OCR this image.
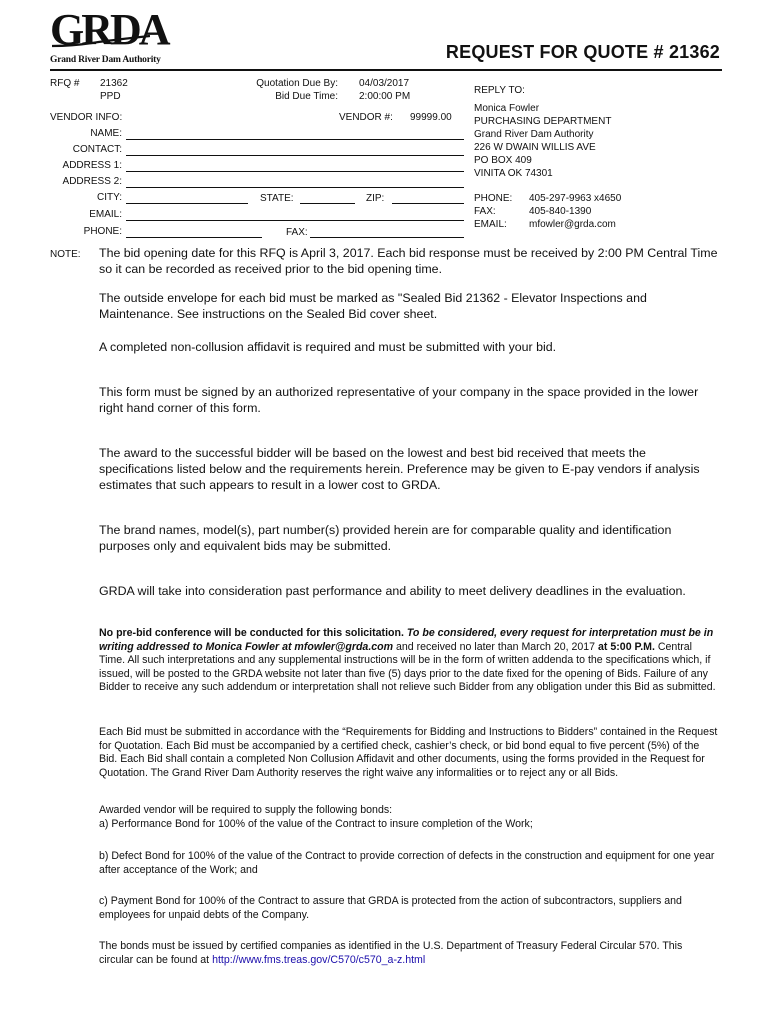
GRDA
Grand River Dam Authority	REQUEST FOR QUOTE # 21362
RFQ # 21362
PPD
Quotation Due By: 04/03/2017
Bid Due Time: 2:00:00 PM
VENDOR INFO:	VENDOR #: 99999.00
NAME:
CONTACT:
ADDRESS 1:
ADDRESS 2:
CITY:	STATE:	ZIP:
EMAIL:
PHONE:	FAX:
REPLY TO:
Monica Fowler
PURCHASING DEPARTMENT
Grand River Dam Authority
226 W DWAIN WILLIS AVE
PO BOX 409
VINITA OK 74301
PHONE: 405-297-9963 x4650
FAX:	405-840-1390
EMAIL: mfowler@grda.com
NOTE: The bid opening date for this RFQ is April 3, 2017. Each bid response must be received by 2:00 PM Central Time so it can be recorded as received prior to the bid opening time.
The outside envelope for each bid must be marked as "Sealed Bid 21362 - Elevator Inspections and Maintenance. See instructions on the Sealed Bid cover sheet.
A completed non-collusion affidavit is required and must be submitted with your bid.
This form must be signed by an authorized representative of your company in the space provided in the lower right hand corner of this form.
The award to the successful bidder will be based on the lowest and best bid received that meets the specifications listed below and the requirements herein. Preference may be given to E-pay vendors if analysis estimates that such appears to result in a lower cost to GRDA.
The brand names, model(s), part number(s) provided herein are for comparable quality and identification purposes only and equivalent bids may be submitted.
GRDA will take into consideration past performance and ability to meet delivery deadlines in the evaluation.
No pre-bid conference will be conducted for this solicitation. To be considered, every request for interpretation must be in writing addressed to Monica Fowler at mfowler@grda.com and received no later than March 20, 2017 at 5:00 P.M. Central Time. All such interpretations and any supplemental instructions will be in the form of written addenda to the specifications which, if issued, will be posted to the GRDA website not later than five (5) days prior to the date fixed for the opening of Bids. Failure of any Bidder to receive any such addendum or interpretation shall not relieve such Bidder from any obligation under this Bid as submitted.
Each Bid must be submitted in accordance with the “Requirements for Bidding and Instructions to Bidders” contained in the Request for Quotation. Each Bid must be accompanied by a certified check, cashier’s check, or bid bond equal to five percent (5%) of the Bid. Each Bid shall contain a completed Non Collusion Affidavit and other documents, using the forms provided in the Request for Quotation. The Grand River Dam Authority reserves the right waive any informalities or to reject any or all Bids.
Awarded vendor will be required to supply the following bonds:
a) Performance Bond for 100% of the value of the Contract to insure completion of the Work;
b) Defect Bond for 100% of the value of the Contract to provide correction of defects in the construction and equipment for one year after acceptance of the Work; and
c) Payment Bond for 100% of the Contract to assure that GRDA is protected from the action of subcontractors, suppliers and employees for unpaid debts of the Company.
The bonds must be issued by certified companies as identified in the U.S. Department of Treasury Federal Circular 570. This circular can be found at http://www.fms.treas.gov/C570/c570_a-z.html
